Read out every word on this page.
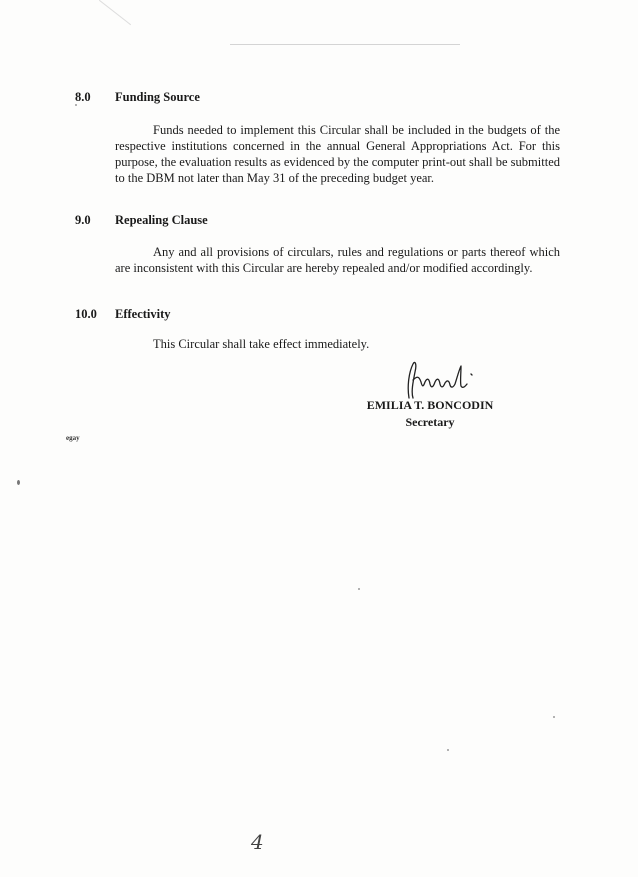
8.0 Funding Source
Funds needed to implement this Circular shall be included in the budgets of the respective institutions concerned in the annual General Appropriations Act. For this purpose, the evaluation results as evidenced by the computer print-out shall be submitted to the DBM not later than May 31 of the preceding budget year.
9.0 Repealing Clause
Any and all provisions of circulars, rules and regulations or parts thereof which are inconsistent with this Circular are hereby repealed and/or modified accordingly.
10.0 Effectivity
This Circular shall take effect immediately.
EMILIA T. BONCODIN
Secretary
egay
4
